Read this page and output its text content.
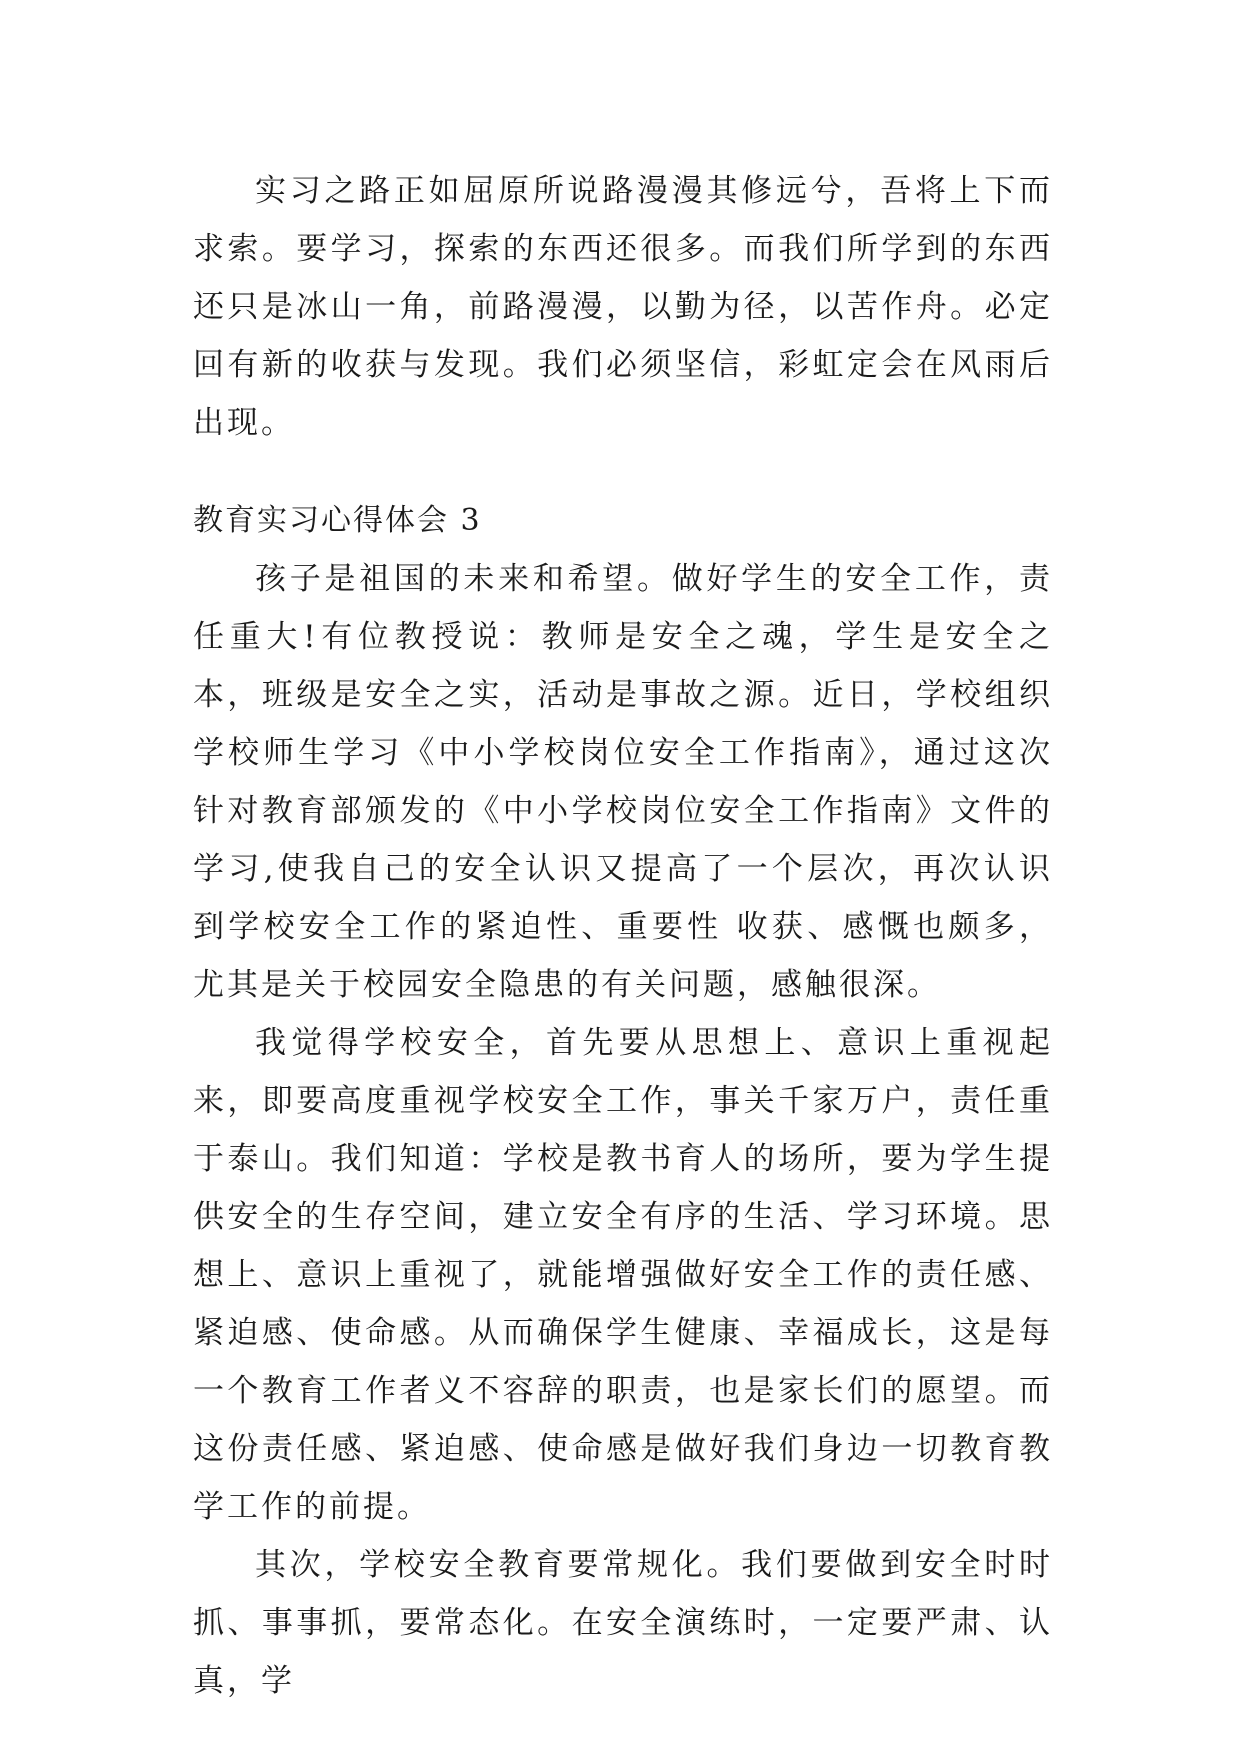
实习之路正如屈原所说路漫漫其修远兮，吾将上下而求索。要学习，探索的东西还很多。而我们所学到的东西还只是冰山一角，前路漫漫，以勤为径，以苦作舟。必定回有新的收获与发现。我们必须坚信，彩虹定会在风雨后出现。

教育实习心得体会 3

孩子是祖国的未来和希望。做好学生的安全工作，责任重大!有位教授说：教师是安全之魂，学生是安全之本，班级是安全之实，活动是事故之源。近日，学校组织学校师生学习《中小学校岗位安全工作指南》，通过这次针对教育部颁发的《中小学校岗位安全工作指南》文件的学习,使我自己的安全认识又提高了一个层次，再次认识到学校安全工作的紧迫性、重要性 收获、感慨也颇多，尤其是关于校园安全隐患的有关问题，感触很深。

我觉得学校安全，首先要从思想上、意识上重视起来，即要高度重视学校安全工作，事关千家万户，责任重于泰山。我们知道：学校是教书育人的场所，要为学生提供安全的生存空间，建立安全有序的生活、学习环境。思想上、意识上重视了，就能增强做好安全工作的责任感、紧迫感、使命感。从而确保学生健康、幸福成长，这是每一个教育工作者义不容辞的职责，也是家长们的愿望。而这份责任感、紧迫感、使命感是做好我们身边一切教育教学工作的前提。

其次，学校安全教育要常规化。我们要做到安全时时抓、事事抓，要常态化。在安全演练时，一定要严肃、认真，学
